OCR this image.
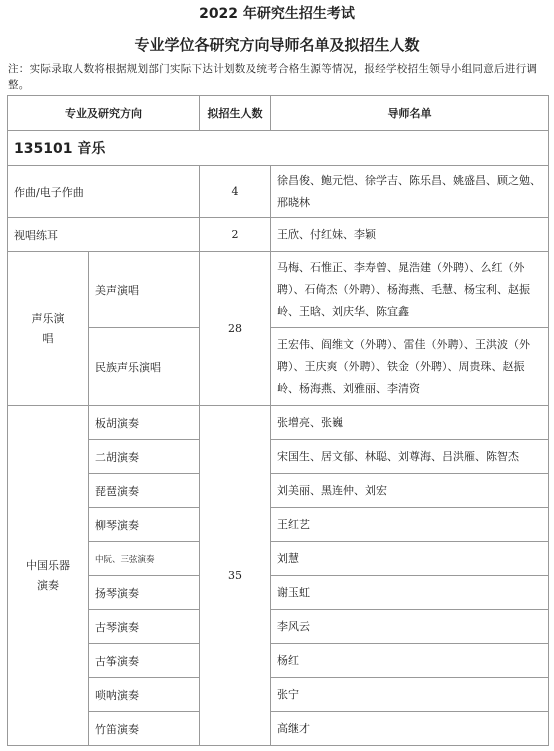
2022 年研究生招生考试
专业学位各研究方向导师名单及拟招生人数
注：实际录取人数将根据规划部门实际下达计划数及统考合格生源等情况，报经学校招生领导小组同意后进行调整。
专业及研究方向		拟招生人数	导师名单
135101 音乐			
作曲/电子作曲		4	徐昌俊、鲍元恺、徐学吉、陈乐昌、姚盛昌、顾之勉、邢晓林
视唱练耳		2	王欣、付红妹、李颖
声乐演唱	美声演唱	28	马梅、石惟正、李寿曾、晁浩建（外聘）、么红（外聘）、石倚杰（外聘）、杨海燕、毛慧、杨宝利、赵振岭、王晗、刘庆华、陈宜鑫
	民族声乐演唱		王宏伟、阎维文（外聘）、雷佳（外聘）、王洪波（外聘）、王庆爽（外聘）、铁金（外聘）、周贵珠、赵振岭、杨海燕、刘雅丽、李清资
中国乐器演奏	板胡演奏	35	张增亮、张巍
	二胡演奏		宋国生、居文郁、林聪、刘尊海、吕洪雁、陈智杰
	琵琶演奏		刘美丽、黑连仲、刘宏
	柳琴演奏		王红艺
	中阮、三弦演奏		刘慧
	扬琴演奏		谢玉虹
	古琴演奏		李风云
	古筝演奏		杨红
	唢呐演奏		张宁
	竹笛演奏		高继才
